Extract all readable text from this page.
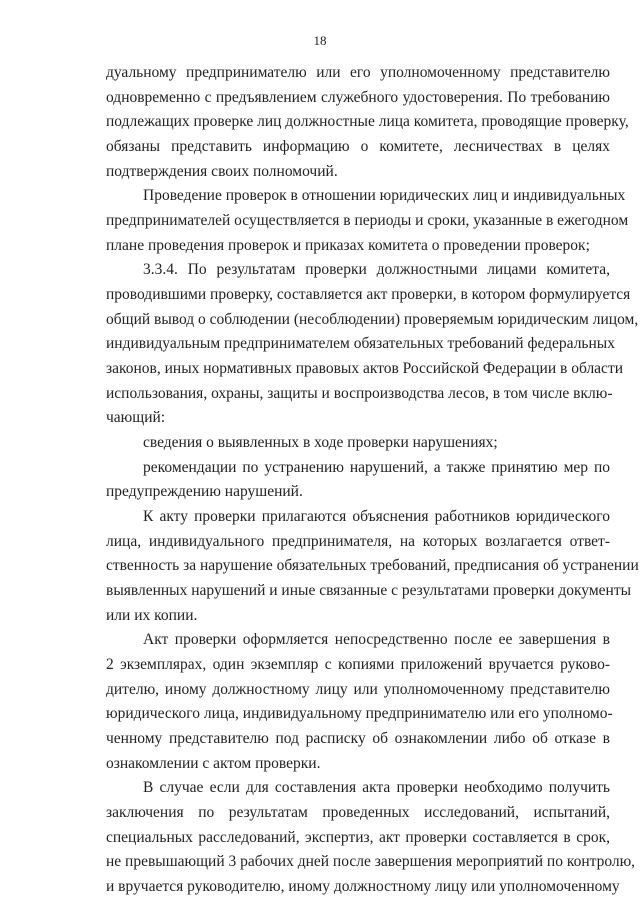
18
дуальному предпринимателю или его уполномоченному представителю
одновременно с предъявлением служебного удостоверения. По требованию
подлежащих проверке лиц должностные лица комитета, проводящие проверку,
обязаны представить информацию о комитете, лесничествах в целях
подтверждения своих полномочий.
Проведение проверок в отношении юридических лиц и индивидуальных
предпринимателей осуществляется в периоды и сроки, указанные в ежегодном
плане проведения проверок и приказах комитета о проведении проверок;
3.3.4. По результатам проверки должностными лицами комитета,
проводившими проверку, составляется акт проверки, в котором формулируется
общий вывод о соблюдении (несоблюдении) проверяемым юридическим лицом,
индивидуальным предпринимателем обязательных требований федеральных
законов, иных нормативных правовых актов Российской Федерации в области
использования, охраны, защиты и воспроизводства лесов, в том числе вклю-
чающий:
сведения о выявленных в ходе проверки нарушениях;
рекомендации по устранению нарушений, а также принятию мер по
предупреждению нарушений.
К акту проверки прилагаются объяснения работников юридического
лица, индивидуального предпринимателя, на которых возлагается ответ-
ственность за нарушение обязательных требований, предписания об устранении
выявленных нарушений и иные связанные с результатами проверки документы
или их копии.
Акт проверки оформляется непосредственно после ее завершения в
2 экземплярах, один экземпляр с копиями приложений вручается руково-
дителю, иному должностному лицу или уполномоченному представителю
юридического лица, индивидуальному предпринимателю или его уполномо-
ченному представителю под расписку об ознакомлении либо об отказе в
ознакомлении с актом проверки.
В случае если для составления акта проверки необходимо получить
заключения по результатам проведенных исследований, испытаний,
специальных расследований, экспертиз, акт проверки составляется в срок,
не превышающий 3 рабочих дней после завершения мероприятий по контролю,
и вручается руководителю, иному должностному лицу или уполномоченному
